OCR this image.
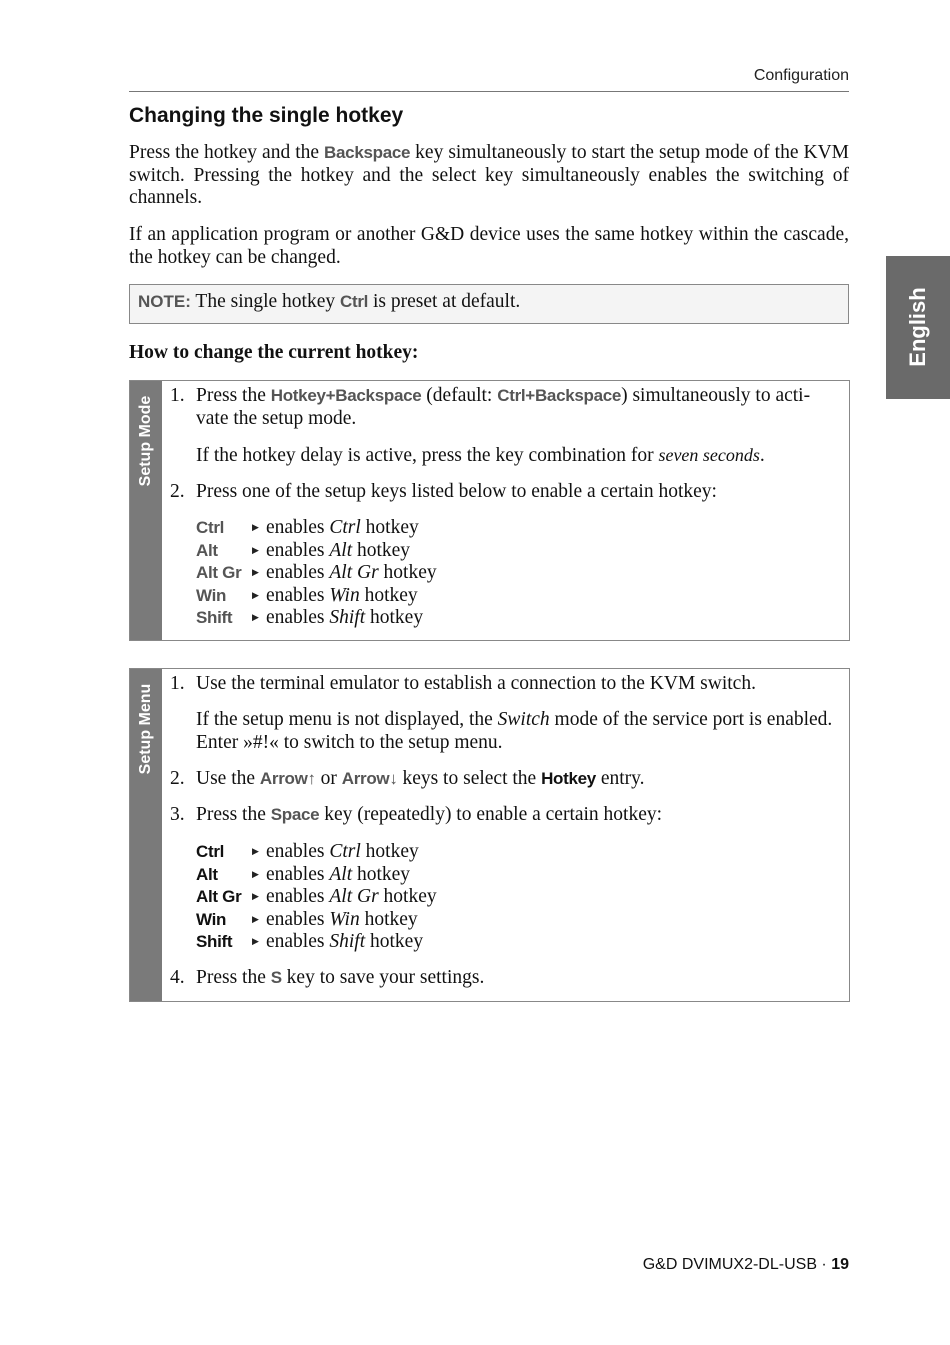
Configuration
English
Changing the single hotkey

Press the hotkey and the Backspace key simultaneously to start the setup mode of the KVM switch. Pressing the hotkey and the select key simultaneously enables the switching of channels.

If an application program or another G&D device uses the same hotkey within the cascade, the hotkey can be changed.

NOTE: The single hotkey Ctrl is preset at default.
How to change the current hotkey:
Setup Mode
1. Press the Hotkey+Backspace (default: Ctrl+Backspace) simultaneously to acti-vate the setup mode.
If the hotkey delay is active, press the key combination for seven seconds.
2. Press one of the setup keys listed below to enable a certain hotkey:
Ctrl	▶ enables Ctrl hotkey
Alt	▶ enables Alt hotkey
Alt Gr ▶ enables Alt Gr hotkey
Win	▶ enables Win hotkey
Shift ▶ enables Shift hotkey
Setup Menu
1. Use the terminal emulator to establish a connection to the KVM switch.
If the setup menu is not displayed, the Switch mode of the service port is enabled. Enter »#!« to switch to the setup menu.
2. Use the Arrow↑ or Arrow↓ keys to select the Hotkey entry.
3. Press the Space key (repeatedly) to enable a certain hotkey:
Ctrl	▶ enables Ctrl hotkey
Alt	▶ enables Alt hotkey
Alt Gr ▶ enables Alt Gr hotkey
Win	▶ enables Win hotkey
Shift ▶ enables Shift hotkey
4. Press the S key to save your settings.
G&D DVIMUX2-DL-USB · 19
